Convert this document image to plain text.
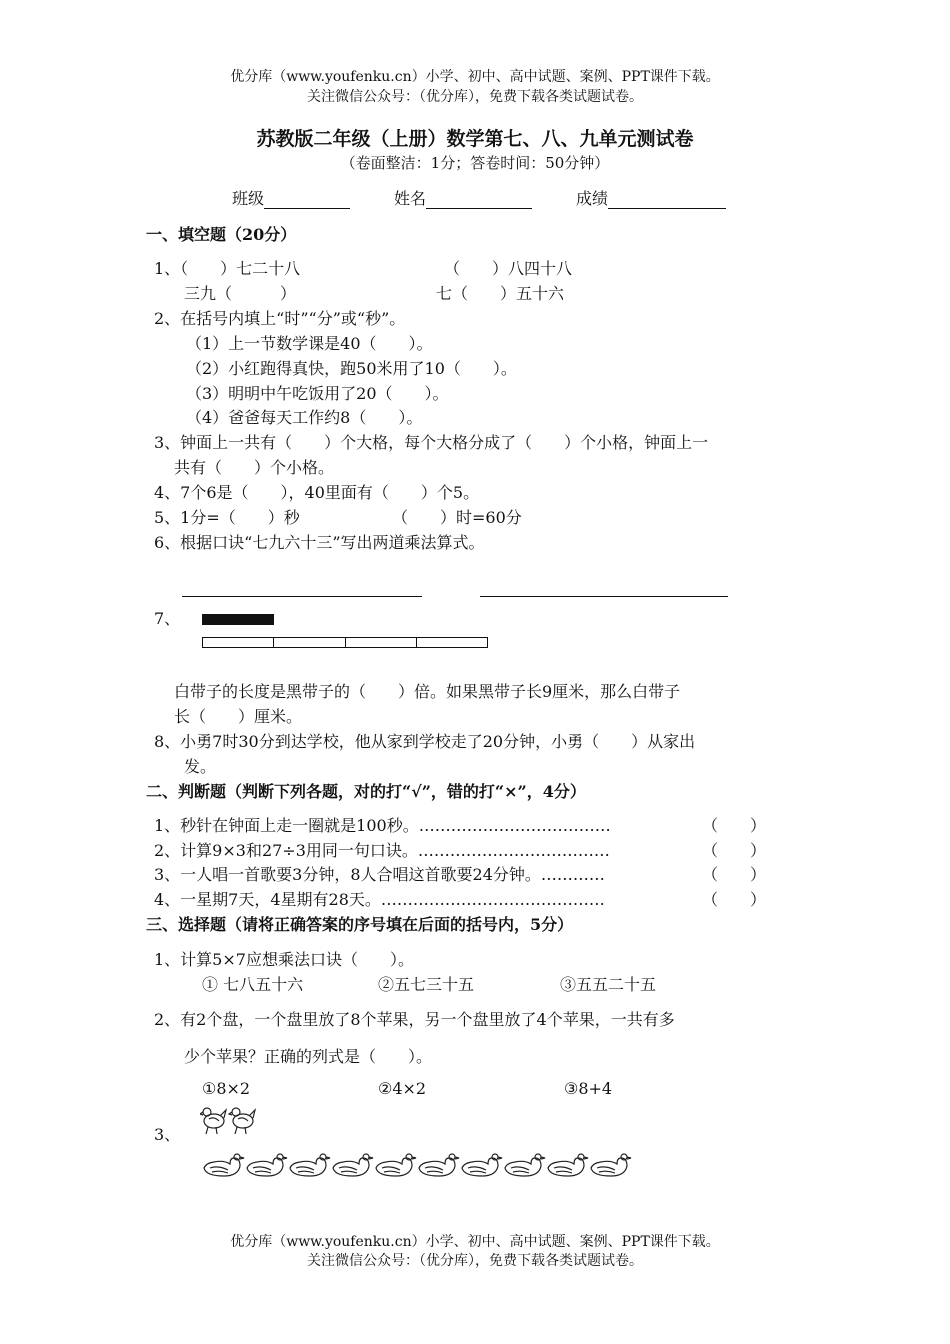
优分库（www.youfenku.cn）小学、初中、高中试题、案例、PPT课件下载。
关注微信公众号：（优分库），免费下载各类试题试卷。
苏教版二年级（上册）数学第七、八、九单元测试卷
（卷面整洁：1分；答卷时间：50分钟）
班级	姓名	成绩
一、填空题（20分）
1、（　　）七二十八	（　　）八四十八
三九（　　　）	七（　　）五十六
2、在括号内填上“时”“分”或“秒”。
（1）上一节数学课是40（　　）。
（2）小红跑得真快，跑50米用了10（　　）。
（3）明明中午吃饭用了20（　　）。
（4）爸爸每天工作约8（　　）。
3、钟面上一共有（　　）个大格，每个大格分成了（　　）个小格，钟面上一
共有（　　）个小格。
4、7个6是（　　），40里面有（　　）个5。
5、1分=（　　）秒	（　　）时=60分
6、根据口诀“七九六十三”写出两道乘法算式。
7、
白带子的长度是黑带子的（　　）倍。如果黑带子长9厘米，那么白带子
长（　　）厘米。
8、小勇7时30分到达学校，他从家到学校走了20分钟，小勇（　　）从家出
发。
二、判断题（判断下列各题，对的打“√”，错的打“×”，4分）
1、秒针在钟面上走一圈就是100秒。………………………………	（　　）
2、计算9×3和27÷3用同一句口诀。………………………………	（　　）
3、一人唱一首歌要3分钟，8人合唱这首歌要24分钟。…………	（　　）
4、一星期7天，4星期有28天。……………………………………	（　　）
三、选择题（请将正确答案的序号填在后面的括号内，5分）
1、计算5×7应想乘法口诀（　　）。
① 七八五十六	②五七三十五	③五五二十五
2、有2个盘，一个盘里放了8个苹果，另一个盘里放了4个苹果，一共有多
少个苹果？正确的列式是（　　）。
①8×2	②4×2	③8+4
3、
优分库（www.youfenku.cn）小学、初中、高中试题、案例、PPT课件下载。
关注微信公众号：（优分库），免费下载各类试题试卷。
